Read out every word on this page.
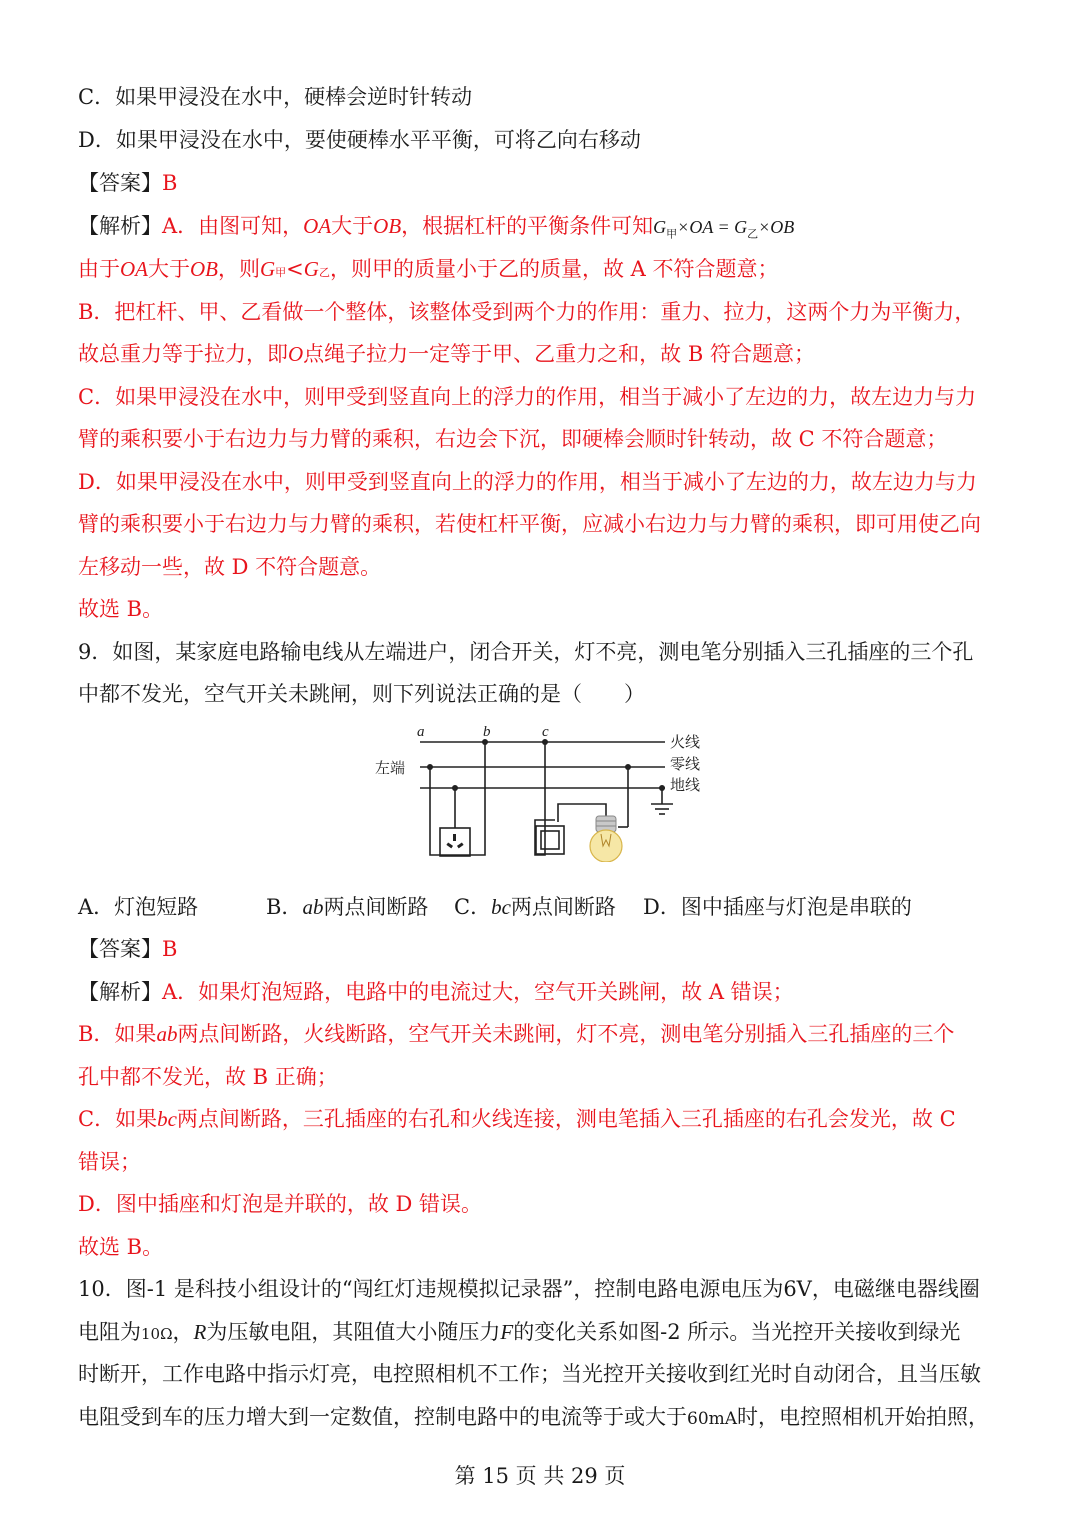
C．如果甲浸没在水中，硬棒会逆时针转动
D．如果甲浸没在水中，要使硬棒水平平衡，可将乙向右移动
【答案】B
【解析】A．由图可知，OA大于OB，根据杠杆的平衡条件可知$G_甲\times OA = G_乙\times OB$
由于OA大于OB，则G甲<G乙，则甲的质量小于乙的质量，故 A 不符合题意；
B．把杠杆、甲、乙看做一个整体，该整体受到两个力的作用：重力、拉力，这两个力为平衡力，
故总重力等于拉力，即O点绳子拉力一定等于甲、乙重力之和，故 B 符合题意；
C．如果甲浸没在水中，则甲受到竖直向上的浮力的作用，相当于减小了左边的力，故左边力与力
臂的乘积要小于右边力与力臂的乘积，右边会下沉，即硬棒会顺时针转动，故 C 不符合题意；
D．如果甲浸没在水中，则甲受到竖直向上的浮力的作用，相当于减小了左边的力，故左边力与力
臂的乘积要小于右边力与力臂的乘积，若使杠杆平衡，应减小右边力与力臂的乘积，即可用使乙向
左移动一些，故 D 不符合题意。
故选 B。
9．如图，某家庭电路输电线从左端进户，闭合开关，灯不亮，测电笔分别插入三孔插座的三个孔
中都不发光，空气开关未跳闸，则下列说法正确的是（　　）
a	b	c
左端
火线
零线
地线
A．灯泡短路	B．ab两点间断路 C．bc两点间断路 D．图中插座与灯泡是串联的
【答案】B
【解析】A．如果灯泡短路，电路中的电流过大，空气开关跳闸，故 A 错误；
B．如果ab两点间断路，火线断路，空气开关未跳闸，灯不亮，测电笔分别插入三孔插座的三个
孔中都不发光，故 B 正确；
C．如果bc两点间断路，三孔插座的右孔和火线连接，测电笔插入三孔插座的右孔会发光，故 C
错误；
D．图中插座和灯泡是并联的，故 D 错误。
故选 B。
10．图-1 是科技小组设计的“闯红灯违规模拟记录器”，控制电路电源电压为6V，电磁继电器线圈
电阻为10Ω，R为压敏电阻，其阻值大小随压力F的变化关系如图-2 所示。当光控开关接收到绿光
时断开，工作电路中指示灯亮，电控照相机不工作；当光控开关接收到红光时自动闭合，且当压敏
电阻受到车的压力增大到一定数值，控制电路中的电流等于或大于60mA时，电控照相机开始拍照，
第 15 页 共 29 页
